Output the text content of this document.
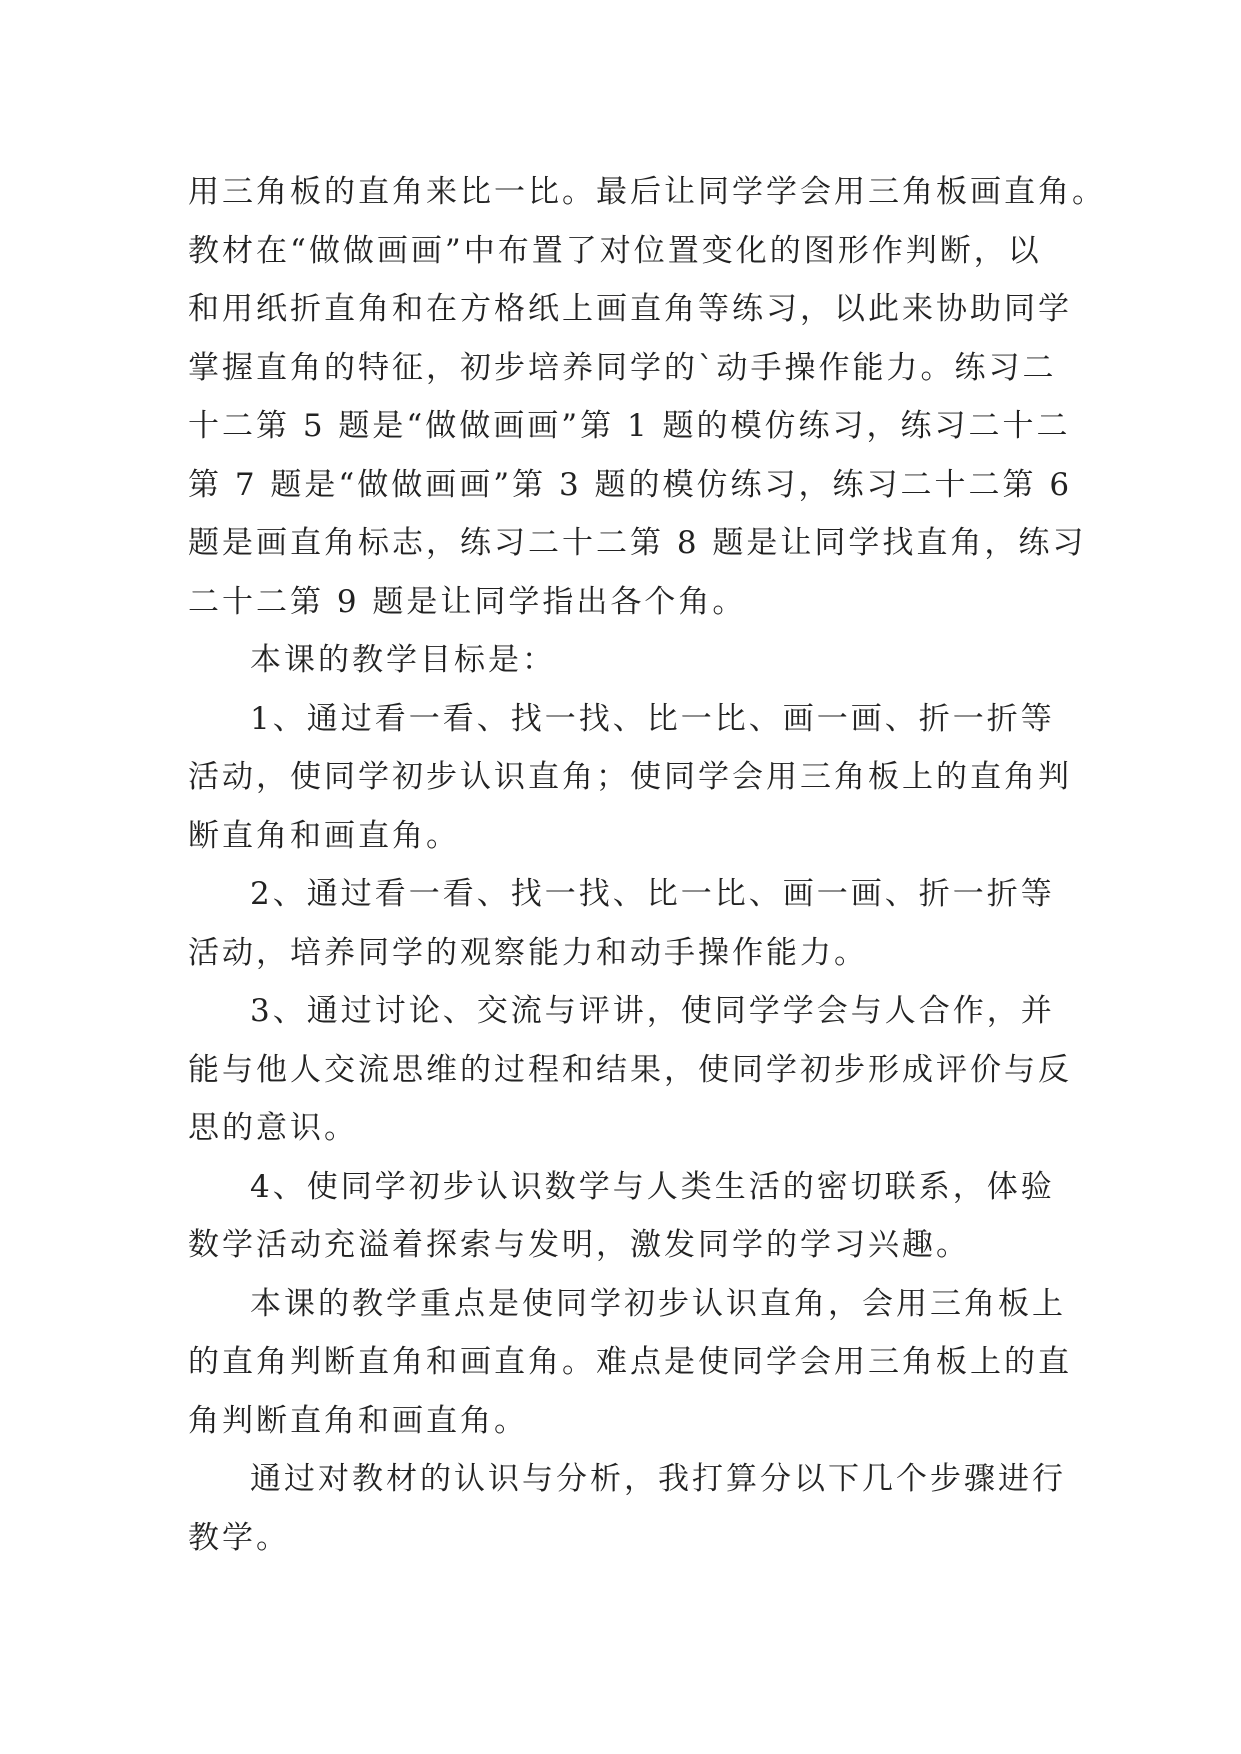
用三角板的直角来比一比。最后让同学学会用三角板画直角。
教材在“做做画画”中布置了对位置变化的图形作判断，以
和用纸折直角和在方格纸上画直角等练习，以此来协助同学
掌握直角的特征，初步培养同学的`动手操作能力。练习二
十二第 5 题是“做做画画”第 1 题的模仿练习，练习二十二
第 7 题是“做做画画”第 3 题的模仿练习，练习二十二第 6
题是画直角标志，练习二十二第 8 题是让同学找直角，练习
二十二第 9 题是让同学指出各个角。
本课的教学目标是：
1、通过看一看、找一找、比一比、画一画、折一折等
活动，使同学初步认识直角；使同学会用三角板上的直角判
断直角和画直角。
2、通过看一看、找一找、比一比、画一画、折一折等
活动，培养同学的观察能力和动手操作能力。
3、通过讨论、交流与评讲，使同学学会与人合作，并
能与他人交流思维的过程和结果，使同学初步形成评价与反
思的意识。
4、使同学初步认识数学与人类生活的密切联系，体验
数学活动充溢着探索与发明，激发同学的学习兴趣。
本课的教学重点是使同学初步认识直角，会用三角板上
的直角判断直角和画直角。难点是使同学会用三角板上的直
角判断直角和画直角。
通过对教材的认识与分析，我打算分以下几个步骤进行
教学。
